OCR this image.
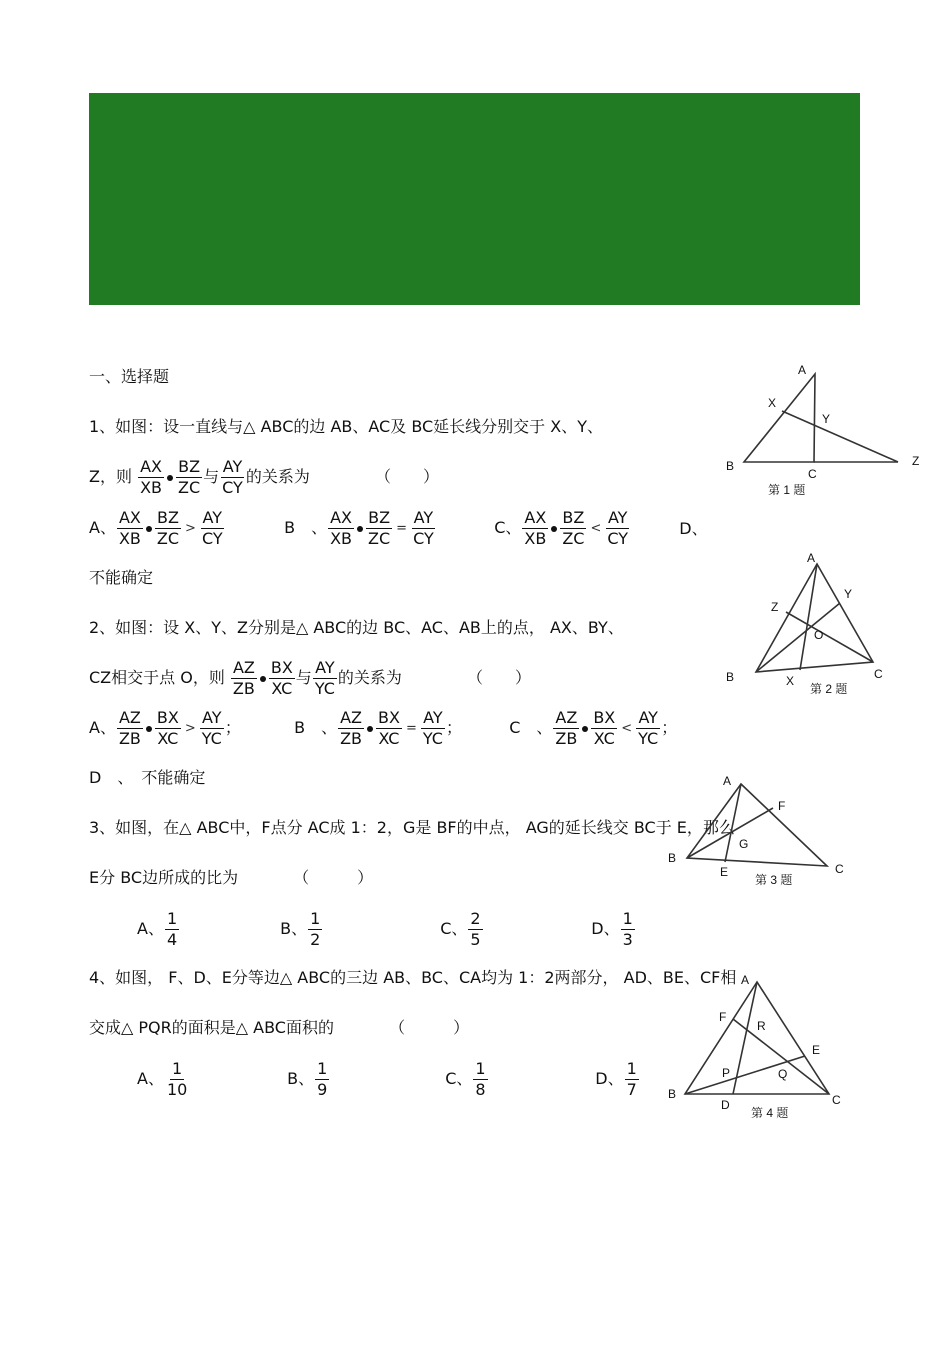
一、选择题
1、如图：设一直线与△ ABC的边 AB、AC及 BC延长线分别交于 X、Y、
Z，则 $\frac{AX}{XB} \frac{BZ}{ZC}$ 与 $\frac{AY}{CY}$ 的关系为	（　　）
A、 $\frac{AX}{XB} \frac{BZ}{ZC} > \frac{AY}{CY}$	B　、 $\frac{AX}{XB} \frac{BZ}{ZC} = \frac{AY}{CY}$	C、 $\frac{AX}{XB} \frac{BZ}{ZC} < \frac{AY}{CY}$	D、
不能确定
A
X
Y
B
C
Z
第 1 题
2、如图：设 X、Y、Z分别是△ ABC的边 BC、AC、AB上的点， AX、BY、
CZ相交于点 O，则 $\frac{AZ}{ZB} \frac{BX}{XC}$ 与 $\frac{AY}{YC}$ 的关系为	（　　）
A、 $\frac{AZ}{ZB} \frac{BX}{XC} > \frac{AY}{YC}$ ；	B　、 $\frac{AZ}{ZB} \frac{BX}{XC} = \frac{AY}{YC}$ ；	C　、 $\frac{AZ}{ZB} \frac{BX}{XC} < \frac{AY}{YC}$ ；
D　、　不能确定
A
Y
Z
O
B	X	C
第 2 题
3、如图，在△ ABC中，F点分 AC成 1：2，G是 BF的中点， AG的延长线交 BC于 E，那么
E分 BC边所成的比为	（　　　）
A、 $\frac{1}{4}$	B、 $\frac{1}{2}$	C、 $\frac{2}{5}$	D、 $\frac{1}{3}$
A
F
G
B
E	C
第 3 题
4、如图， F、D、E分等边△ ABC的三边 AB、BC、CA均为 1：2两部分， AD、BE、CF相
交成△ PQR的面积是△ ABC面积的	（　　　）
A、 $\frac{1}{10}$	B、 $\frac{1}{9}$	C、 $\frac{1}{8}$	D、 $\frac{1}{7}$
A
F
R
E
P	Q
B
D	C
第 4 题
